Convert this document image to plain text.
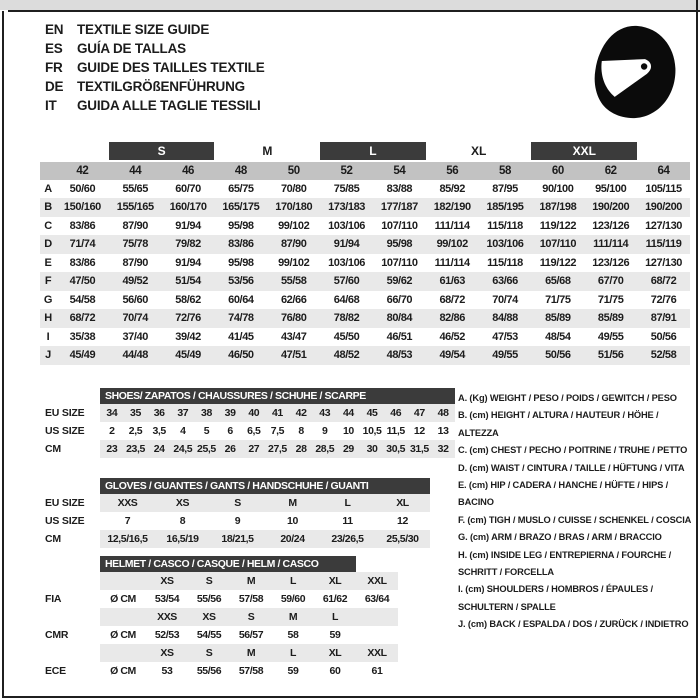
EN TEXTILE SIZE GUIDE
ES GUÍA DE TALLAS
FR GUIDE DES TAILLES TEXTILE
DE TEXTILGRÖßENFÜHRUNG
IT GUIDA ALLE TAGLIE TESSILI
		S		M		L		XL		XXL		
	42	44	46	48	50	52	54	56	58	60	62	64
A	50/60	55/65	60/70	65/75	70/80	75/85	83/88	85/92	87/95	90/100	95/100	105/115
B	150/160	155/165	160/170	165/175	170/180	173/183	177/187	182/190	185/195	187/198	190/200	190/200
C	83/86	87/90	91/94	95/98	99/102	103/106	107/110	111/114	115/118	119/122	123/126	127/130
D	71/74	75/78	79/82	83/86	87/90	91/94	95/98	99/102	103/106	107/110	111/114	115/119
E	83/86	87/90	91/94	95/98	99/102	103/106	107/110	111/114	115/118	119/122	123/126	127/130
F	47/50	49/52	51/54	53/56	55/58	57/60	59/62	61/63	63/66	65/68	67/70	68/72
G	54/58	56/60	58/62	60/64	62/66	64/68	66/70	68/72	70/74	71/75	71/75	72/76
H	68/72	70/74	72/76	74/78	76/80	78/82	80/84	82/86	84/88	85/89	85/89	87/91
I	35/38	37/40	39/42	41/45	43/47	45/50	46/51	46/52	47/53	48/54	49/55	50/56
J	45/49	44/48	45/49	46/50	47/51	48/52	48/53	49/54	49/55	50/56	51/56	52/58
	SHOES/ ZAPATOS / CHAUSSURES / SCHUHE / SCARPE														
EU SIZE	34	35	36	37	38	39	40	41	42	43	44	45	46	47	48
US SIZE	2	2,5	3,5	4	5	6	6,5	7,5	8	9	10	10,5	11,5	12	13
CM	23	23,5	24	24,5	25,5	26	27	27,5	28	28,5	29	30	30,5	31,5	32
	GLOVES / GUANTES / GANTS / HANDSCHUHE / GUANTI					
EU SIZE	XXS	XS	S	M	L	XL
US SIZE	7	8	9	10	11	12
CM	12,5/16,5	16,5/19	18/21,5	20/24	23/26,5	25,5/30
	HELMET / CASCO / CASQUE / HELM / CASCO						
		XS	S	M	L	XL	XXL
FIA	Ø CM	53/54	55/56	57/58	59/60	61/62	63/64
		XXS	XS	S	M	L	
CMR	Ø CM	52/53	54/55	56/57	58	59	
		XS	S	M	L	XL	XXL
ECE	Ø CM	53	55/56	57/58	59	60	61
A. (Kg) WEIGHT / PESO / POIDS / GEWITCH / PESO
B. (cm) HEIGHT / ALTURA / HAUTEUR / HÖHE / ALTEZZA
C. (cm) CHEST / PECHO / POITRINE / TRUHE / PETTO
D. (cm) WAIST / CINTURA / TAILLE / HÜFTUNG / VITA
E. (cm) HIP / CADERA / HANCHE / HÜFTE / HIPS / BACINO
F. (cm) TIGH / MUSLO / CUISSE / SCHENKEL / COSCIA
G. (cm) ARM / BRAZO / BRAS / ARM / BRACCIO
H. (cm) INSIDE LEG / ENTREPIERNA / FOURCHE / SCHRITT / FORCELLA
I. (cm) SHOULDERS / HOMBROS / ÉPAULES / SCHULTERN / SPALLE
J. (cm) BACK / ESPALDA / DOS / ZURÜCK / INDIETRO
